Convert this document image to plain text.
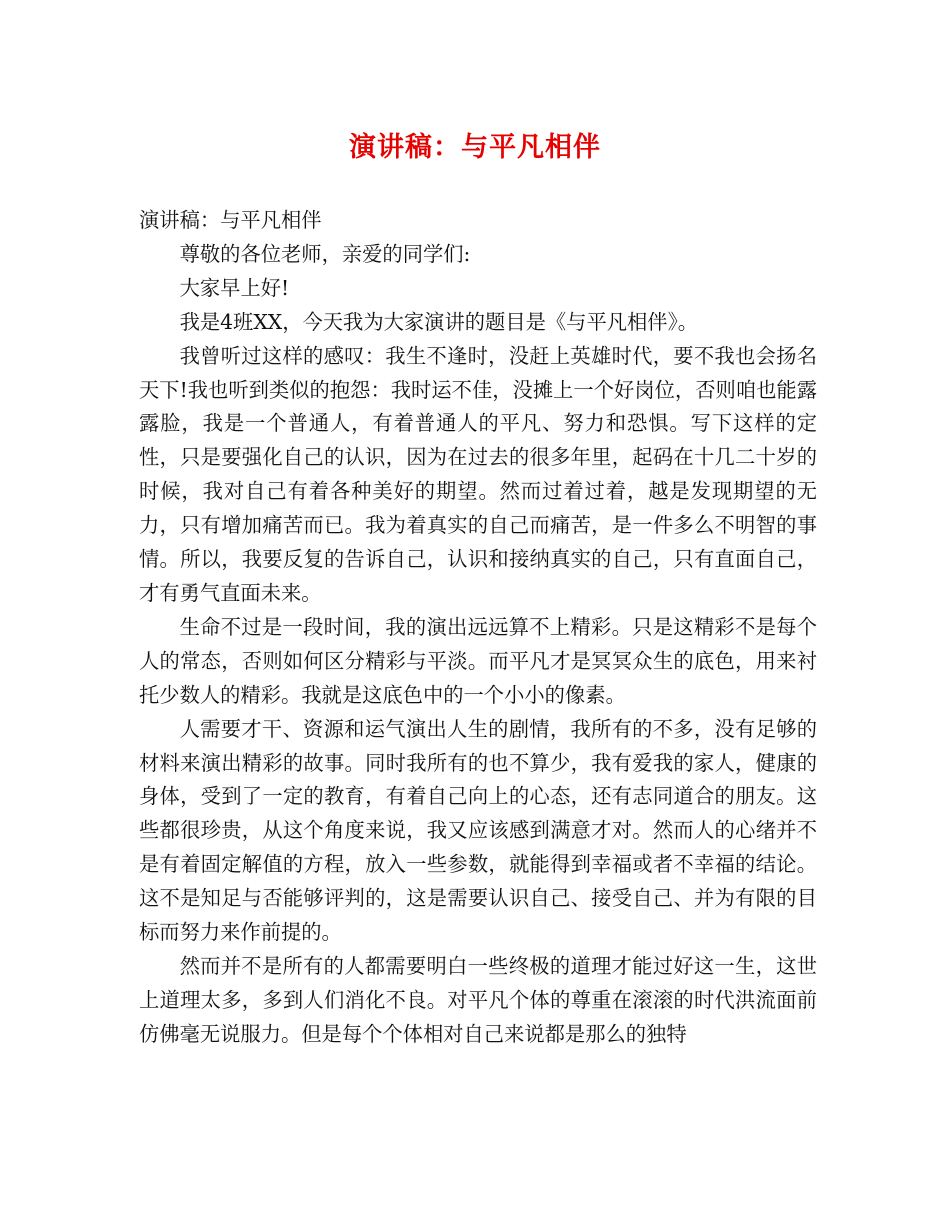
演讲稿：与平凡相伴

演讲稿：与平凡相伴

尊敬的各位老师，亲爱的同学们:

大家早上好!

我是4班XX，今天我为大家演讲的题目是《与平凡相伴》。

我曾听过这样的感叹：我生不逢时，没赶上英雄时代，要不我也会扬名天下!我也听到类似的抱怨：我时运不佳，没摊上一个好岗位，否则咱也能露露脸，我是一个普通人，有着普通人的平凡、努力和恐惧。写下这样的定性，只是要强化自己的认识，因为在过去的很多年里，起码在十几二十岁的时候，我对自己有着各种美好的期望。然而过着过着，越是发现期望的无力，只有增加痛苦而已。我为着真实的自己而痛苦，是一件多么不明智的事情。所以，我要反复的告诉自己，认识和接纳真实的自己，只有直面自己，才有勇气直面未来。

生命不过是一段时间，我的演出远远算不上精彩。只是这精彩不是每个人的常态，否则如何区分精彩与平淡。而平凡才是冥冥众生的底色，用来衬托少数人的精彩。我就是这底色中的一个小小的像素。

人需要才干、资源和运气演出人生的剧情，我所有的不多，没有足够的材料来演出精彩的故事。同时我所有的也不算少，我有爱我的家人，健康的身体，受到了一定的教育，有着自己向上的心态，还有志同道合的朋友。这些都很珍贵，从这个角度来说，我又应该感到满意才对。然而人的心绪并不是有着固定解值的方程，放入一些参数，就能得到幸福或者不幸福的结论。这不是知足与否能够评判的，这是需要认识自己、接受自己、并为有限的目标而努力来作前提的。

然而并不是所有的人都需要明白一些终极的道理才能过好这一生，这世上道理太多，多到人们消化不良。对平凡个体的尊重在滚滚的时代洪流面前仿佛毫无说服力。但是每个个体相对自己来说都是那么的独特
